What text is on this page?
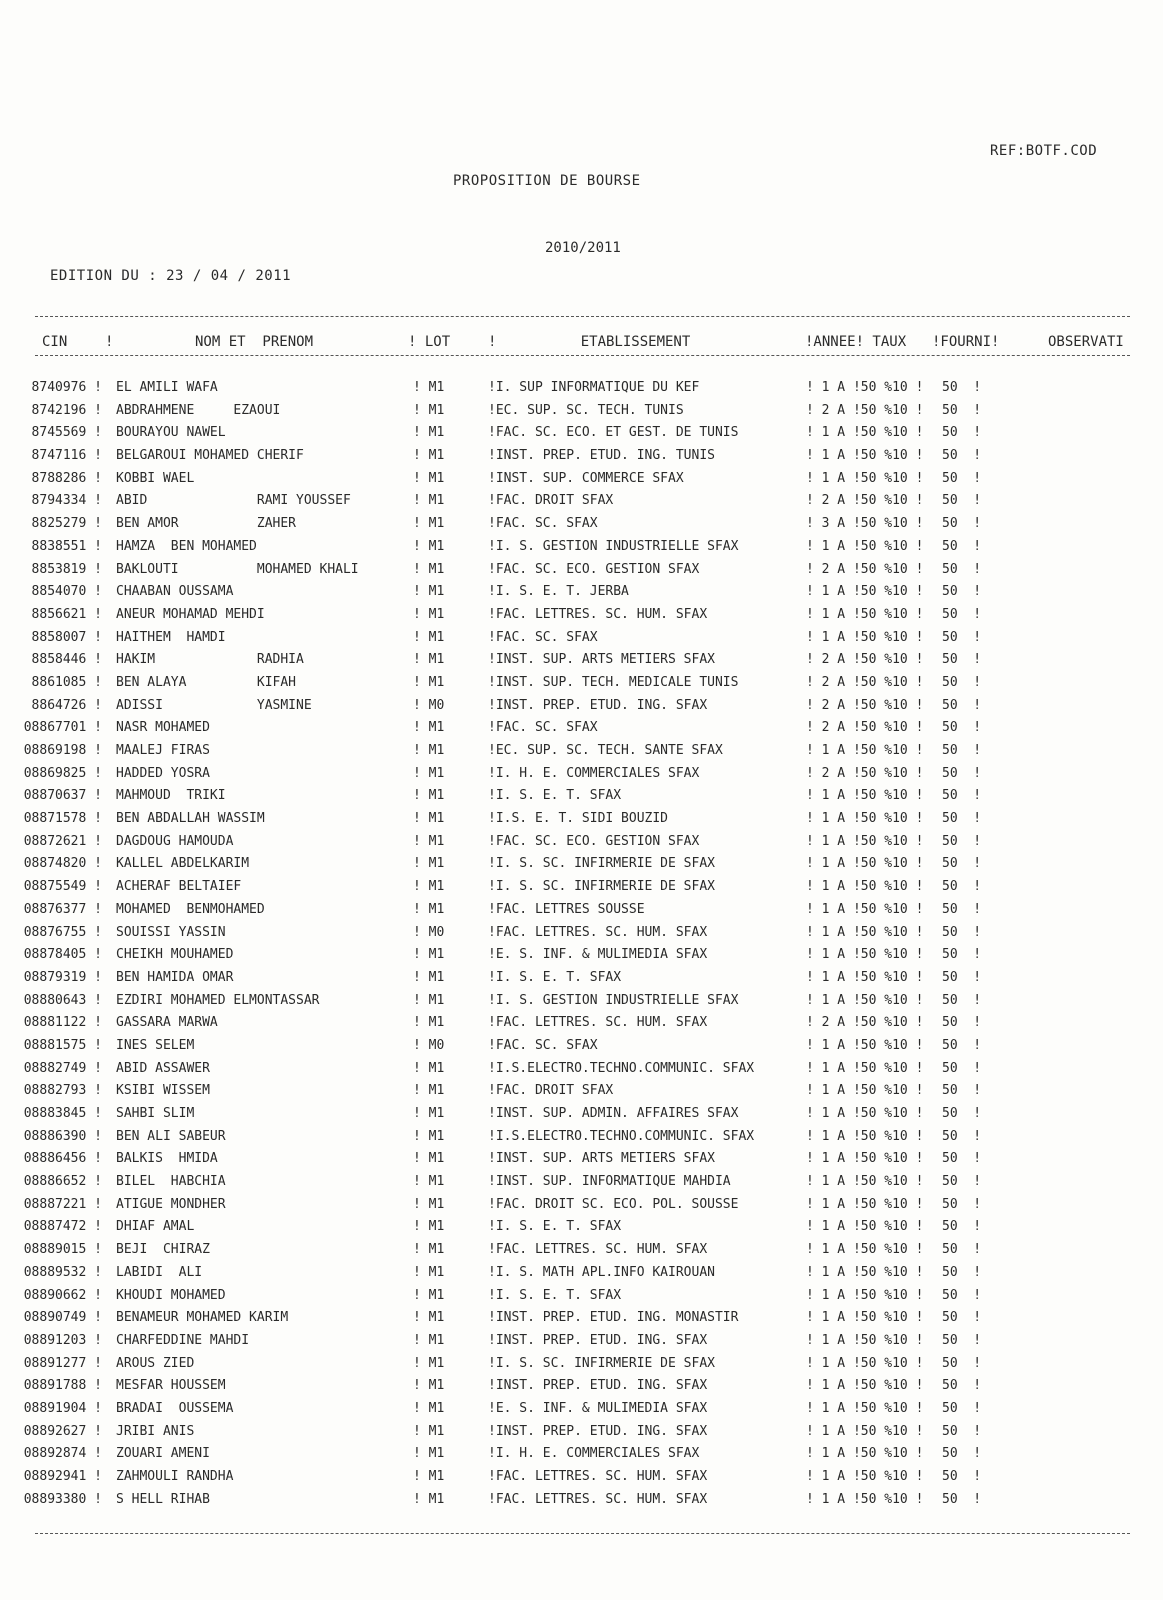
REF:BOTF.COD
PROPOSITION DE BOURSE
2010/2011
EDITION DU : 23 / 04 / 2011
CIN	!	NOM ET  PRENOM	! LOT	!          ETABLISSEMENT	!ANNEE! TAUX !FOURNI!	OBSERVATI
8740976 ! EL AMILI WAFA	! M1	!I. SUP INFORMATIQUE DU KEF	! 1 A !50 %10 ! 50  !
8742196 ! ABDRAHMENE     EZAOUI	! M1	!EC. SUP. SC. TECH. TUNIS	! 2 A !50 %10 ! 50  !
8745569 ! BOURAYOU NAWEL	! M1	!FAC. SC. ECO. ET GEST. DE TUNIS	! 1 A !50 %10 ! 50  !
8747116 ! BELGAROUI MOHAMED CHERIF	! M1	!INST. PREP. ETUD. ING. TUNIS	! 1 A !50 %10 ! 50  !
8788286 ! KOBBI WAEL	! M1	!INST. SUP. COMMERCE SFAX	! 1 A !50 %10 ! 50  !
8794334 ! ABID              RAMI YOUSSEF	! M1	!FAC. DROIT SFAX	! 2 A !50 %10 ! 50  !
8825279 ! BEN AMOR          ZAHER	! M1	!FAC. SC. SFAX	! 3 A !50 %10 ! 50  !
8838551 ! HAMZA  BEN MOHAMED	! M1	!I. S. GESTION INDUSTRIELLE SFAX	! 1 A !50 %10 ! 50  !
8853819 ! BAKLOUTI          MOHAMED KHALI	! M1	!FAC. SC. ECO. GESTION SFAX	! 2 A !50 %10 ! 50  !
8854070 ! CHAABAN OUSSAMA	! M1	!I. S. E. T. JERBA	! 1 A !50 %10 ! 50  !
8856621 ! ANEUR MOHAMAD MEHDI	! M1	!FAC. LETTRES. SC. HUM. SFAX	! 1 A !50 %10 ! 50  !
8858007 ! HAITHEM  HAMDI	! M1	!FAC. SC. SFAX	! 1 A !50 %10 ! 50  !
8858446 ! HAKIM             RADHIA	! M1	!INST. SUP. ARTS METIERS SFAX	! 2 A !50 %10 ! 50  !
8861085 ! BEN ALAYA         KIFAH	! M1	!INST. SUP. TECH. MEDICALE TUNIS	! 2 A !50 %10 ! 50  !
8864726 ! ADISSI            YASMINE	! M0	!INST. PREP. ETUD. ING. SFAX	! 2 A !50 %10 ! 50  !
08867701 ! NASR MOHAMED	! M1	!FAC. SC. SFAX	! 2 A !50 %10 ! 50  !
08869198 ! MAALEJ FIRAS	! M1	!EC. SUP. SC. TECH. SANTE SFAX	! 1 A !50 %10 ! 50  !
08869825 ! HADDED YOSRA	! M1	!I. H. E. COMMERCIALES SFAX	! 2 A !50 %10 ! 50  !
08870637 ! MAHMOUD  TRIKI	! M1	!I. S. E. T. SFAX	! 1 A !50 %10 ! 50  !
08871578 ! BEN ABDALLAH WASSIM	! M1	!I.S. E. T. SIDI BOUZID	! 1 A !50 %10 ! 50  !
08872621 ! DAGDOUG HAMOUDA	! M1	!FAC. SC. ECO. GESTION SFAX	! 1 A !50 %10 ! 50  !
08874820 ! KALLEL ABDELKARIM	! M1	!I. S. SC. INFIRMERIE DE SFAX	! 1 A !50 %10 ! 50  !
08875549 ! ACHERAF BELTAIEF	! M1	!I. S. SC. INFIRMERIE DE SFAX	! 1 A !50 %10 ! 50  !
08876377 ! MOHAMED  BENMOHAMED	! M1	!FAC. LETTRES SOUSSE	! 1 A !50 %10 ! 50  !
08876755 ! SOUISSI YASSIN	! M0	!FAC. LETTRES. SC. HUM. SFAX	! 1 A !50 %10 ! 50  !
08878405 ! CHEIKH MOUHAMED	! M1	!E. S. INF. & MULIMEDIA SFAX	! 1 A !50 %10 ! 50  !
08879319 ! BEN HAMIDA OMAR	! M1	!I. S. E. T. SFAX	! 1 A !50 %10 ! 50  !
08880643 ! EZDIRI MOHAMED ELMONTASSAR	! M1	!I. S. GESTION INDUSTRIELLE SFAX	! 1 A !50 %10 ! 50  !
08881122 ! GASSARA MARWA	! M1	!FAC. LETTRES. SC. HUM. SFAX	! 2 A !50 %10 ! 50  !
08881575 ! INES SELEM	! M0	!FAC. SC. SFAX	! 1 A !50 %10 ! 50  !
08882749 ! ABID ASSAWER	! M1	!I.S.ELECTRO.TECHNO.COMMUNIC. SFAX	! 1 A !50 %10 ! 50  !
08882793 ! KSIBI WISSEM	! M1	!FAC. DROIT SFAX	! 1 A !50 %10 ! 50  !
08883845 ! SAHBI SLIM	! M1	!INST. SUP. ADMIN. AFFAIRES SFAX	! 1 A !50 %10 ! 50  !
08886390 ! BEN ALI SABEUR	! M1	!I.S.ELECTRO.TECHNO.COMMUNIC. SFAX	! 1 A !50 %10 ! 50  !
08886456 ! BALKIS  HMIDA	! M1	!INST. SUP. ARTS METIERS SFAX	! 1 A !50 %10 ! 50  !
08886652 ! BILEL  HABCHIA	! M1	!INST. SUP. INFORMATIQUE MAHDIA	! 1 A !50 %10 ! 50  !
08887221 ! ATIGUE MONDHER	! M1	!FAC. DROIT SC. ECO. POL. SOUSSE	! 1 A !50 %10 ! 50  !
08887472 ! DHIAF AMAL	! M1	!I. S. E. T. SFAX	! 1 A !50 %10 ! 50  !
08889015 ! BEJI  CHIRAZ	! M1	!FAC. LETTRES. SC. HUM. SFAX	! 1 A !50 %10 ! 50  !
08889532 ! LABIDI  ALI	! M1	!I. S. MATH APL.INFO KAIROUAN	! 1 A !50 %10 ! 50  !
08890662 ! KHOUDI MOHAMED	! M1	!I. S. E. T. SFAX	! 1 A !50 %10 ! 50  !
08890749 ! BENAMEUR MOHAMED KARIM	! M1	!INST. PREP. ETUD. ING. MONASTIR	! 1 A !50 %10 ! 50  !
08891203 ! CHARFEDDINE MAHDI	! M1	!INST. PREP. ETUD. ING. SFAX	! 1 A !50 %10 ! 50  !
08891277 ! AROUS ZIED	! M1	!I. S. SC. INFIRMERIE DE SFAX	! 1 A !50 %10 ! 50  !
08891788 ! MESFAR HOUSSEM	! M1	!INST. PREP. ETUD. ING. SFAX	! 1 A !50 %10 ! 50  !
08891904 ! BRADAI  OUSSEMA	! M1	!E. S. INF. & MULIMEDIA SFAX	! 1 A !50 %10 ! 50  !
08892627 ! JRIBI ANIS	! M1	!INST. PREP. ETUD. ING. SFAX	! 1 A !50 %10 ! 50  !
08892874 ! ZOUARI AMENI	! M1	!I. H. E. COMMERCIALES SFAX	! 1 A !50 %10 ! 50  !
08892941 ! ZAHMOULI RANDHA	! M1	!FAC. LETTRES. SC. HUM. SFAX	! 1 A !50 %10 ! 50  !
08893380 ! S HELL RIHAB	! M1	!FAC. LETTRES. SC. HUM. SFAX	! 1 A !50 %10 ! 50  !
